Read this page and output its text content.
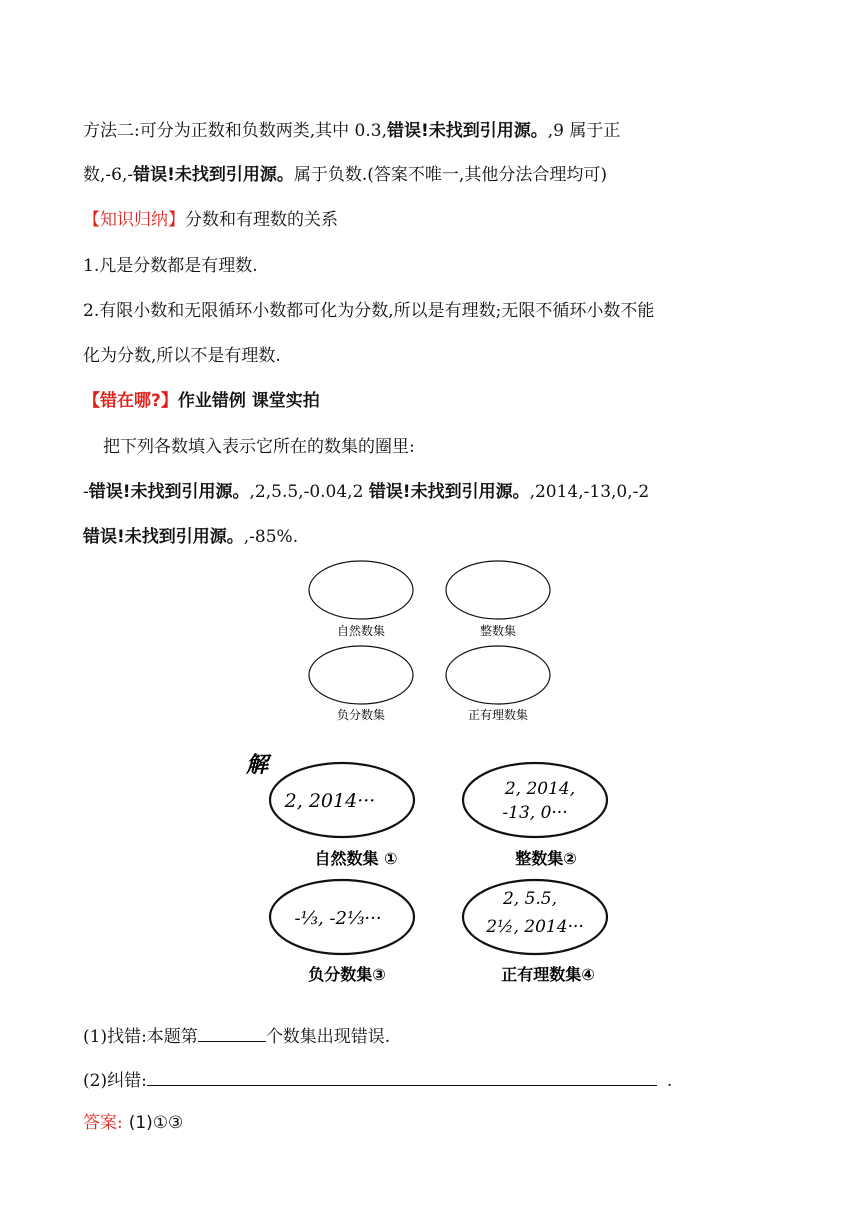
方法二:可分为正数和负数两类,其中 0.3,错误!未找到引用源。,9 属于正
数,-6,-错误!未找到引用源。属于负数.(答案不唯一,其他分法合理均可)
【知识归纳】分数和有理数的关系
1.凡是分数都是有理数.
2.有限小数和无限循环小数都可化为分数,所以是有理数;无限不循环小数不能
化为分数,所以不是有理数.
【错在哪?】作业错例 课堂实拍
把下列各数填入表示它所在的数集的圈里:
-错误!未找到引用源。,2,5.5,-0.04,2 错误!未找到引用源。,2014,-13,0,-2
错误!未找到引用源。,-85%.
自然数集	整数集
负分数集	正有理数集
解
2, 2014···
2, 2014,
-13, 0···
-⅓, -2⅓···
2, 5.5,
2½, 2014···
自然数集 ①	整数集②
负分数集③	正有理数集④
(1)找错:本题第	个数集出现错误.
(2)纠错:	.
答案: (1)①③
